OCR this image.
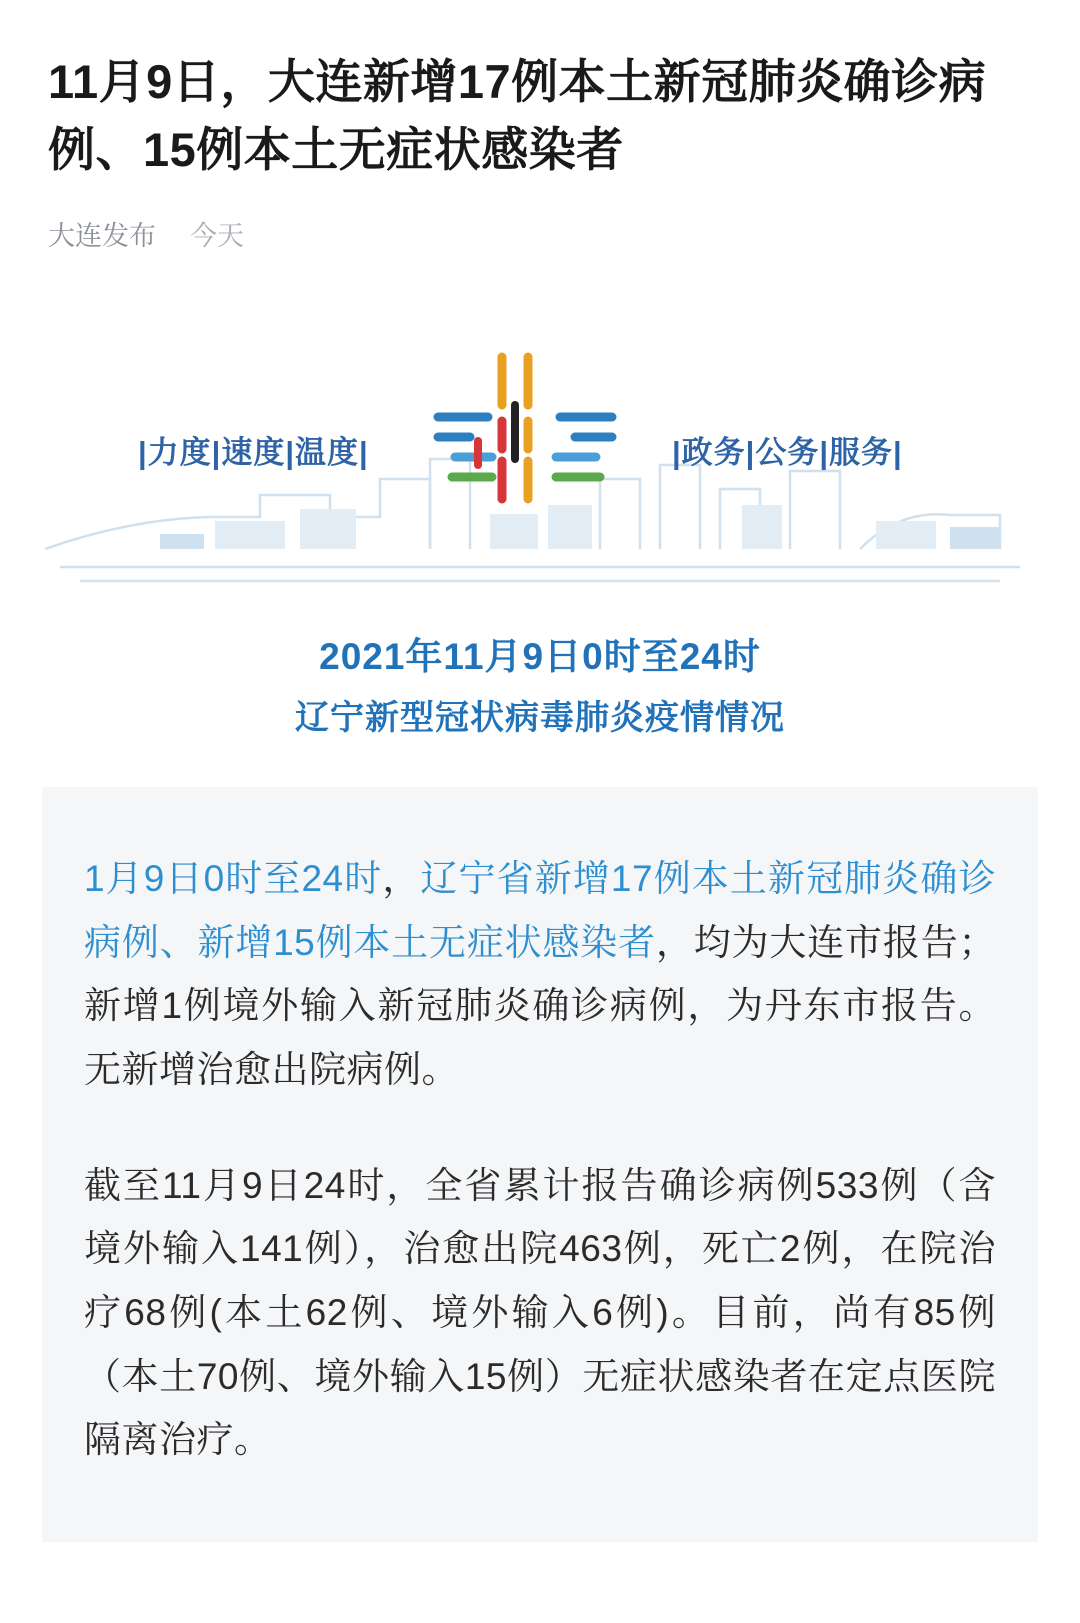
11月9日，大连新增17例本土新冠肺炎确诊病例、15例本土无症状感染者
大连发布 今天
|力度|速度|温度|	|政务|公务|服务|
2021年11月9日0时至24时
辽宁新型冠状病毒肺炎疫情情况

1月9日0时至24时，辽宁省新增17例本土新冠肺炎确诊病例、新增15例本土无症状感染者，均为大连市报告；新增1例境外输入新冠肺炎确诊病例，为丹东市报告。无新增治愈出院病例。

截至11月9日24时，全省累计报告确诊病例533例（含境外输入141例），治愈出院463例，死亡2例，在院治疗68例(本土62例、境外输入6例)。目前，尚有85例（本土70例、境外输入15例）无症状感染者在定点医院隔离治疗。
